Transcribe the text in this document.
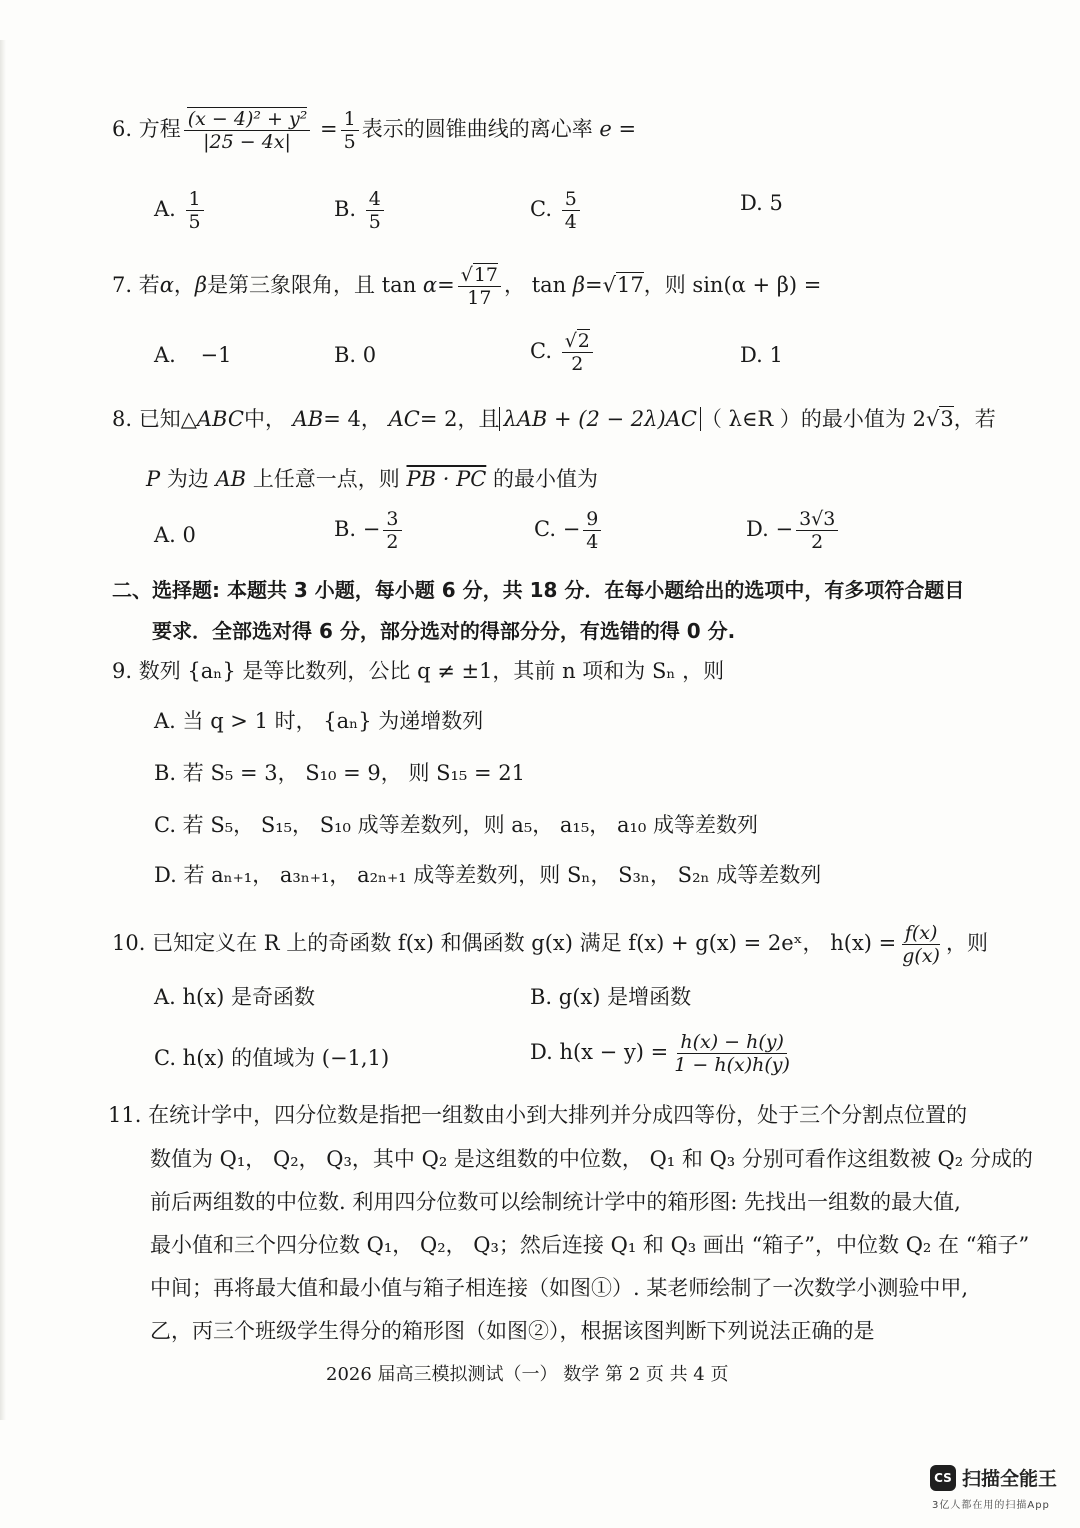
6. 方程 $\frac{\text{(x − 4)² + y²}}{|25 - 4x|} = \frac{1}{5}$ 表示的圆锥曲线的离心率 e =
A. $\frac{1}{5}$	B. $\frac{4}{5}$	C. $\frac{5}{4}$	D. 5
7. 若α，β是第三象限角，且 $\tan \alpha= \frac{√17}{17}$ ， tan β=√17，则 sin(α + β) =
A. −1	B. 0	C. $\frac{√2}{2}$	D. 1
8. 已知△ABC中， AB= 4， AC= 2，且 λAB + (2 − 2λ)AC （ λ∈R ）的最小值为 2√3，若
P 为边 AB 上任意一点，则 PB · PC 的最小值为
A. 0	B. − $\frac{3}{2}$	C. − $\frac{9}{4}$	D. − $\frac{3√3}{2}$
二、选择题: 本题共 3 小题，每小题 6 分，共 18 分．在每小题给出的选项中，有多项符合题目
要求．全部选对得 6 分，部分选对的得部分分，有选错的得 0 分.
9. 数列 {aₙ} 是等比数列，公比 q ≠ ±1，其前 n 项和为 Sₙ ，则
A. 当 q > 1 时， {aₙ} 为递增数列
B. 若 S₅ = 3， S₁₀ = 9， 则 S₁₅ = 21
C. 若 S₅， S₁₅， S₁₀ 成等差数列，则 a₅， a₁₅， a₁₀ 成等差数列
D. 若 aₙ₊₁， a₃ₙ₊₁， a₂ₙ₊₁ 成等差数列，则 Sₙ， S₃ₙ， S₂ₙ 成等差数列
10. 已知定义在 R 上的奇函数 f(x) 和偶函数 g(x) 满足 f(x) + g(x) = 2eˣ， $h(x) = \frac{f(x)}{g(x)}$ ，则
A. h(x) 是奇函数	B. g(x) 是增函数
C. h(x) 的值域为 (−1,1)	D. $h(x - y) = \frac{h(x) - h(y)}{1 - h(x)h(y)}$
11. 在统计学中，四分位数是指把一组数由小到大排列并分成四等份，处于三个分割点位置的
数值为 Q₁， Q₂， Q₃，其中 Q₂ 是这组数的中位数， Q₁ 和 Q₃ 分别可看作这组数被 Q₂ 分成的
前后两组数的中位数. 利用四分位数可以绘制统计学中的箱形图: 先找出一组数的最大值,
最小值和三个四分位数 Q₁， Q₂， Q₃；然后连接 Q₁ 和 Q₃ 画出 “箱子”，中位数 Q₂ 在 “箱子”
中间；再将最大值和最小值与箱子相连接（如图①）. 某老师绘制了一次数学小测验中甲,
乙，丙三个班级学生得分的箱形图（如图②），根据该图判断下列说法正确的是
2026 届高三模拟测试（一） 数学 第 2 页 共 4 页
CS 扫描全能王
3亿人都在用的扫描App
